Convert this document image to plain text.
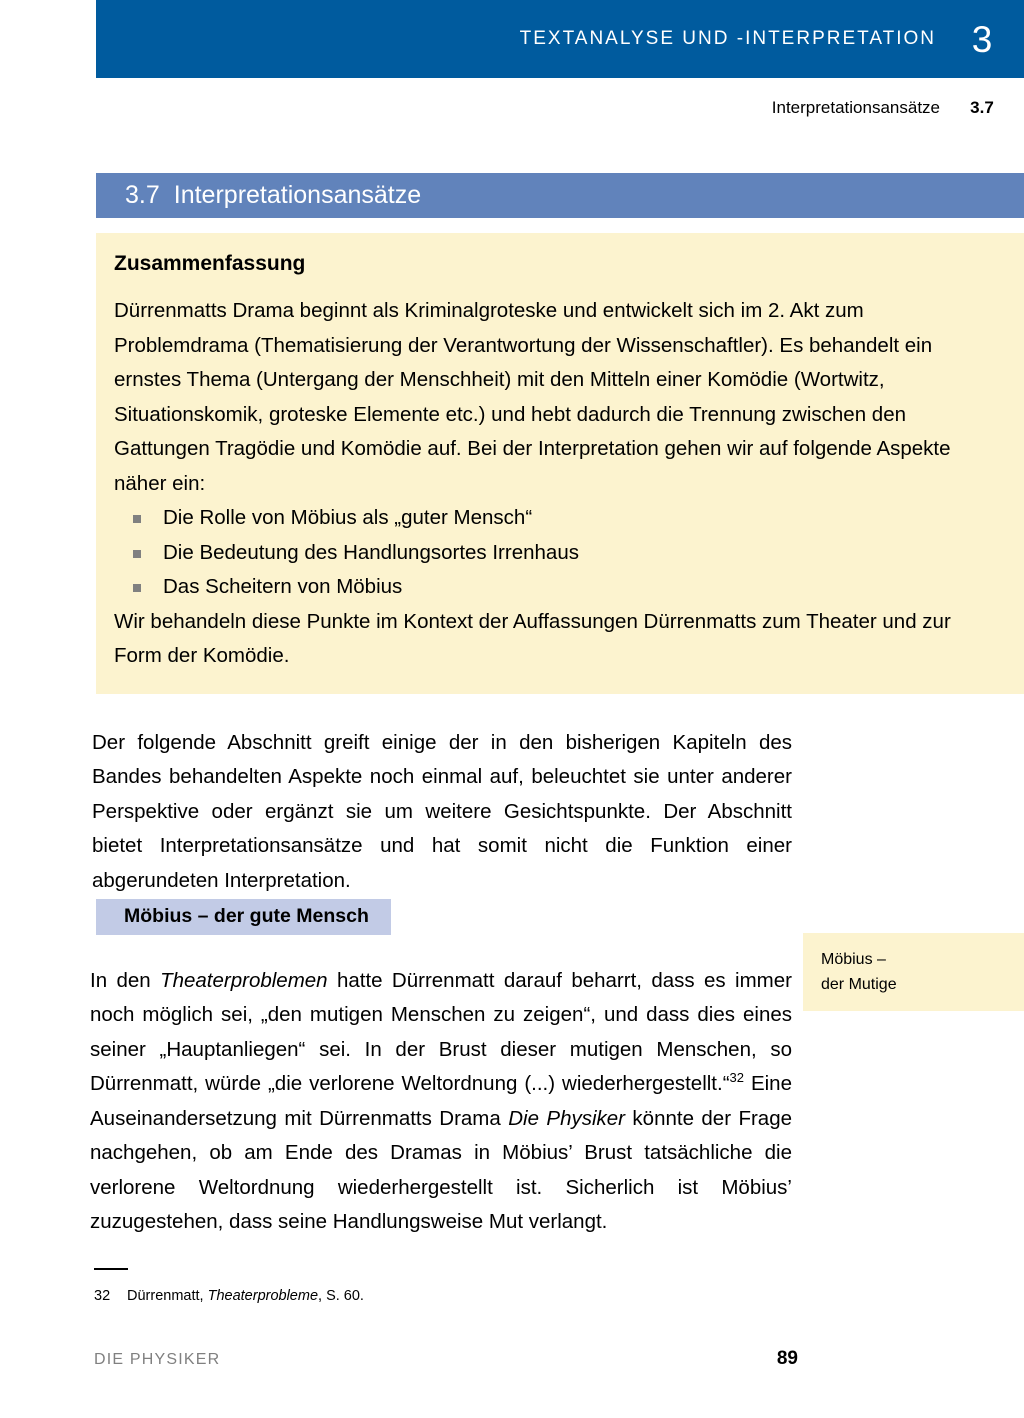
TEXTANALYSE UND -INTERPRETATION 3
Interpretationsansätze 3.7
3.7 Interpretationsansätze
Zusammenfassung

Dürrenmatts Drama beginnt als Kriminalgroteske und entwickelt sich im 2. Akt zum Problemdrama (Thematisierung der Verantwortung der Wissenschaftler). Es behandelt ein ernstes Thema (Untergang der Menschheit) mit den Mitteln einer Komödie (Wortwitz, Situationskomik, groteske Elemente etc.) und hebt dadurch die Trennung zwischen den Gattungen Tragödie und Komödie auf. Bei der Interpretation gehen wir auf folgende Aspekte näher ein:

Die Rolle von Möbius als „guter Mensch“
Die Bedeutung des Handlungsortes Irrenhaus
Das Scheitern von Möbius

Wir behandeln diese Punkte im Kontext der Auffassungen Dürrenmatts zum Theater und zur Form der Komödie.

Der folgende Abschnitt greift einige der in den bisherigen Kapiteln des Bandes behandelten Aspekte noch einmal auf, beleuchtet sie unter anderer Perspektive oder ergänzt sie um weitere Gesichtspunkte. Der Abschnitt bietet Interpretationsansätze und hat somit nicht die Funktion einer abgerundeten Interpretation.

Möbius – der gute Mensch

In den Theaterproblemen hatte Dürrenmatt darauf beharrt, dass es immer noch möglich sei, „den mutigen Menschen zu zeigen“, und dass dies eines seiner „Hauptanliegen“ sei. In der Brust dieser mutigen Menschen, so Dürrenmatt, würde „die verlorene Weltordnung (...) wiederhergestellt.“$^{32}$ Eine Auseinandersetzung mit Dürrenmatts Drama Die Physiker könnte der Frage nachgehen, ob am Ende des Dramas in Möbius’ Brust tatsächliche die verlorene Weltordnung wiederhergestellt ist. Sicherlich ist Möbius’ zuzugestehen, dass seine Handlungsweise Mut verlangt.

Möbius –
der Mutige
32 Dürrenmatt, Theaterprobleme, S. 60.
DIE PHYSIKER	89
